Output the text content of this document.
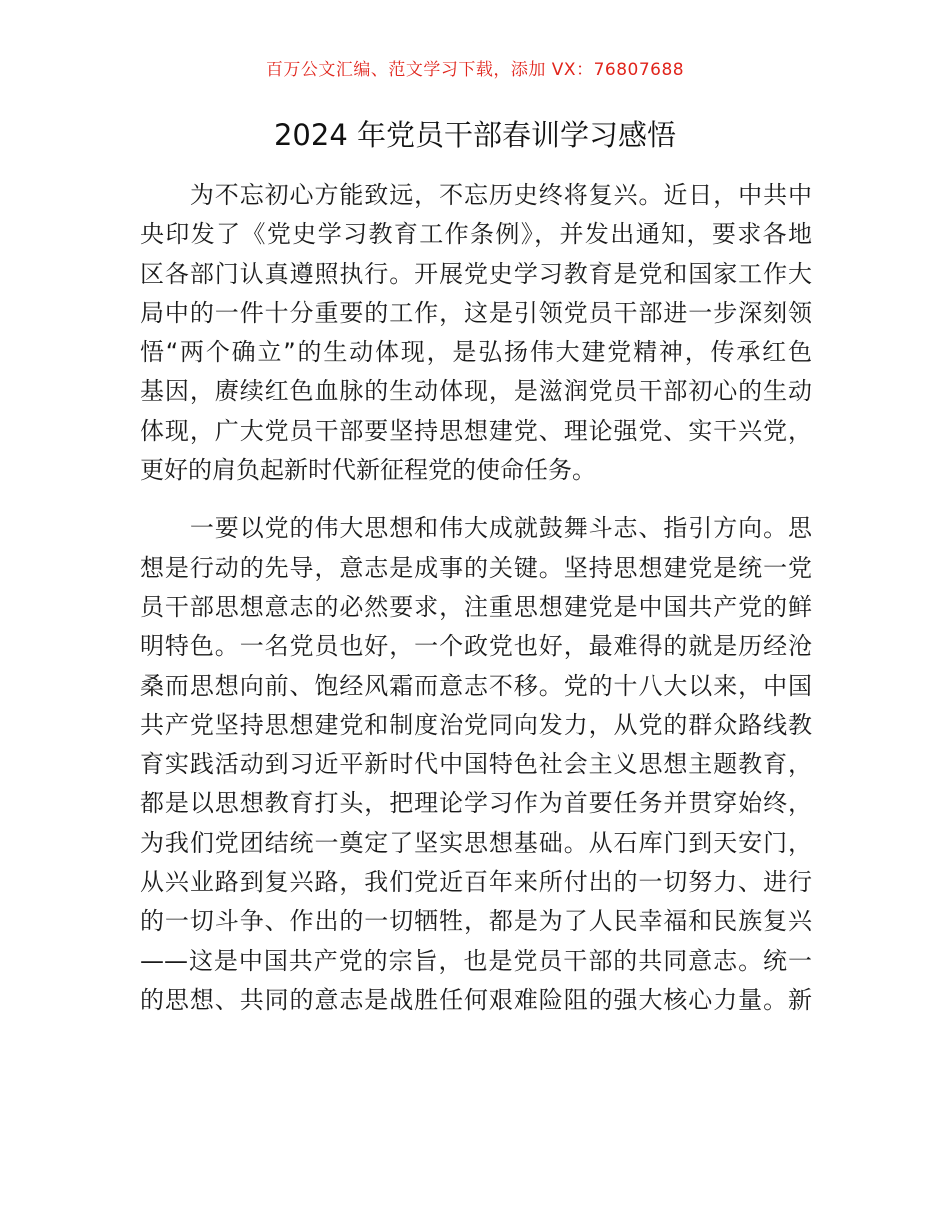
百万公文汇编、范文学习下载，添加 VX：76807688
2024 年党员干部春训学习感悟
　　为不忘初心方能致远，不忘历史终将复兴。近日，中共中
央印发了《党史学习教育工作条例》，并发出通知，要求各地
区各部门认真遵照执行。开展党史学习教育是党和国家工作大
局中的一件十分重要的工作，这是引领党员干部进一步深刻领
悟“两个确立”的生动体现，是弘扬伟大建党精神，传承红色
基因，赓续红色血脉的生动体现，是滋润党员干部初心的生动
体现，广大党员干部要坚持思想建党、理论强党、实干兴党，
更好的肩负起新时代新征程党的使命任务。
　　一要以党的伟大思想和伟大成就鼓舞斗志、指引方向。思
想是行动的先导，意志是成事的关键。坚持思想建党是统一党
员干部思想意志的必然要求，注重思想建党是中国共产党的鲜
明特色。一名党员也好，一个政党也好，最难得的就是历经沧
桑而思想向前、饱经风霜而意志不移。党的十八大以来，中国
共产党坚持思想建党和制度治党同向发力，从党的群众路线教
育实践活动到习近平新时代中国特色社会主义思想主题教育，
都是以思想教育打头，把理论学习作为首要任务并贯穿始终，
为我们党团结统一奠定了坚实思想基础。从石库门到天安门，
从兴业路到复兴路，我们党近百年来所付出的一切努力、进行
的一切斗争、作出的一切牺牲，都是为了人民幸福和民族复兴
——这是中国共产党的宗旨，也是党员干部的共同意志。统一
的思想、共同的意志是战胜任何艰难险阻的强大核心力量。新
